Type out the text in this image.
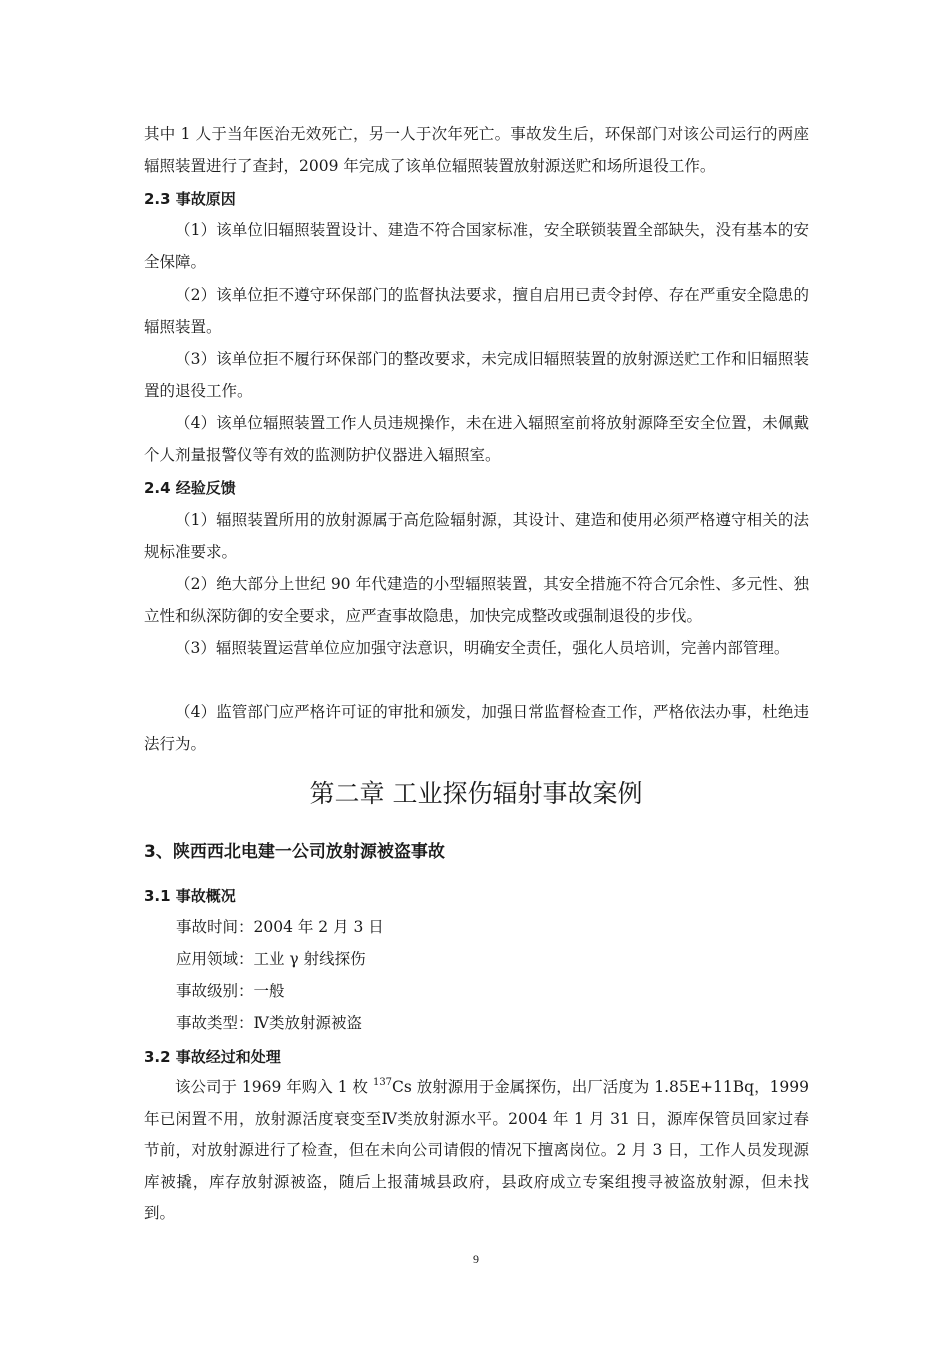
其中 1 人于当年医治无效死亡，另一人于次年死亡。事故发生后，环保部门对该公司运行的两座辐照装置进行了查封，2009 年完成了该单位辐照装置放射源送贮和场所退役工作。

2.3 事故原因

（1）该单位旧辐照装置设计、建造不符合国家标准，安全联锁装置全部缺失，没有基本的安全保障。

（2）该单位拒不遵守环保部门的监督执法要求，擅自启用已责令封停、存在严重安全隐患的辐照装置。

（3）该单位拒不履行环保部门的整改要求，未完成旧辐照装置的放射源送贮工作和旧辐照装置的退役工作。

（4）该单位辐照装置工作人员违规操作，未在进入辐照室前将放射源降至安全位置，未佩戴个人剂量报警仪等有效的监测防护仪器进入辐照室。

2.4 经验反馈

（1）辐照装置所用的放射源属于高危险辐射源，其设计、建造和使用必须严格遵守相关的法规标准要求。

（2）绝大部分上世纪 90 年代建造的小型辐照装置，其安全措施不符合冗余性、多元性、独立性和纵深防御的安全要求，应严查事故隐患，加快完成整改或强制退役的步伐。

（3）辐照装置运营单位应加强守法意识，明确安全责任，强化人员培训，完善内部管理。

（4）监管部门应严格许可证的审批和颁发，加强日常监督检查工作，严格依法办事，杜绝违法行为。

第二章 工业探伤辐射事故案例
3、陕西西北电建一公司放射源被盗事故
3.1 事故概况

事故时间：2004 年 2 月 3 日

应用领域：工业 γ 射线探伤

事故级别：一般

事故类型：Ⅳ类放射源被盗

3.2 事故经过和处理

该公司于 1969 年购入 1 枚 $^{137}$Cs 放射源用于金属探伤，出厂活度为 1.85E+11Bq，1999 年已闲置不用，放射源活度衰变至Ⅳ类放射源水平。2004 年 1 月 31 日，源库保管员回家过春节前，对放射源进行了检查，但在未向公司请假的情况下擅离岗位。2 月 3 日，工作人员发现源库被撬，库存放射源被盗，随后上报蒲城县政府，县政府成立专案组搜寻被盗放射源，但未找到。

9
